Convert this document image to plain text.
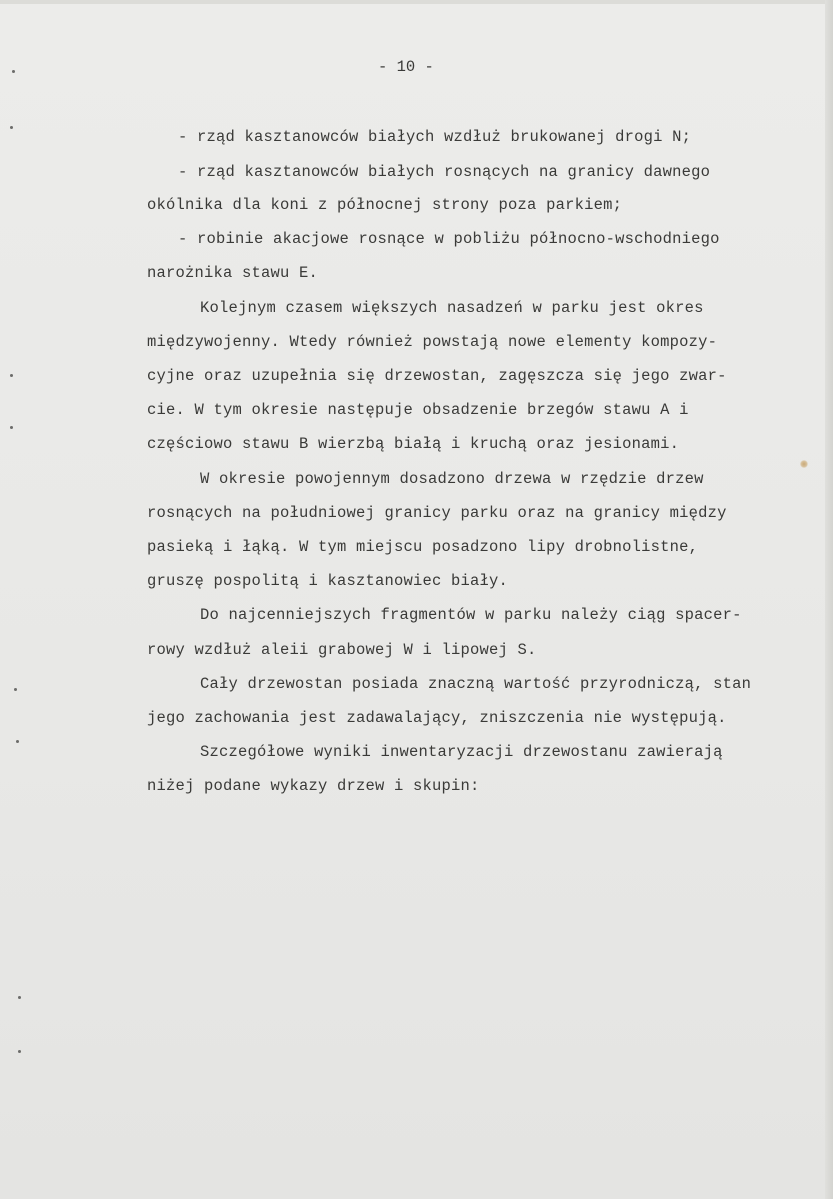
- 10 -
- rząd kasztanowców białych wzdłuż brukowanej drogi N;
- rząd kasztanowców białych rosnących na granicy dawnego
okólnika dla koni z północnej strony poza parkiem;
- robinie akacjowe rosnące w pobliżu północno-wschodniego
narożnika stawu E.
Kolejnym czasem większych nasadzeń w parku jest okres
międzywojenny. Wtedy również powstają nowe elementy kompozy-
cyjne oraz uzupełnia się drzewostan, zagęszcza się jego zwar-
cie. W tym okresie następuje obsadzenie brzegów stawu A i
częściowo stawu B wierzbą białą i kruchą oraz jesionami.
W okresie powojennym dosadzono drzewa w rzędzie drzew
rosnących na południowej granicy parku oraz na granicy między
pasieką i łąką. W tym miejscu posadzono lipy drobnolistne,
gruszę pospolitą i kasztanowiec biały.
Do najcenniejszych fragmentów w parku należy ciąg spacer-
rowy wzdłuż aleii grabowej W i lipowej S.
Cały drzewostan posiada znaczną wartość przyrodniczą, stan
jego zachowania jest zadawalający, zniszczenia nie występują.
Szczegółowe wyniki inwentaryzacji drzewostanu zawierają
niżej podane wykazy drzew i skupin:
